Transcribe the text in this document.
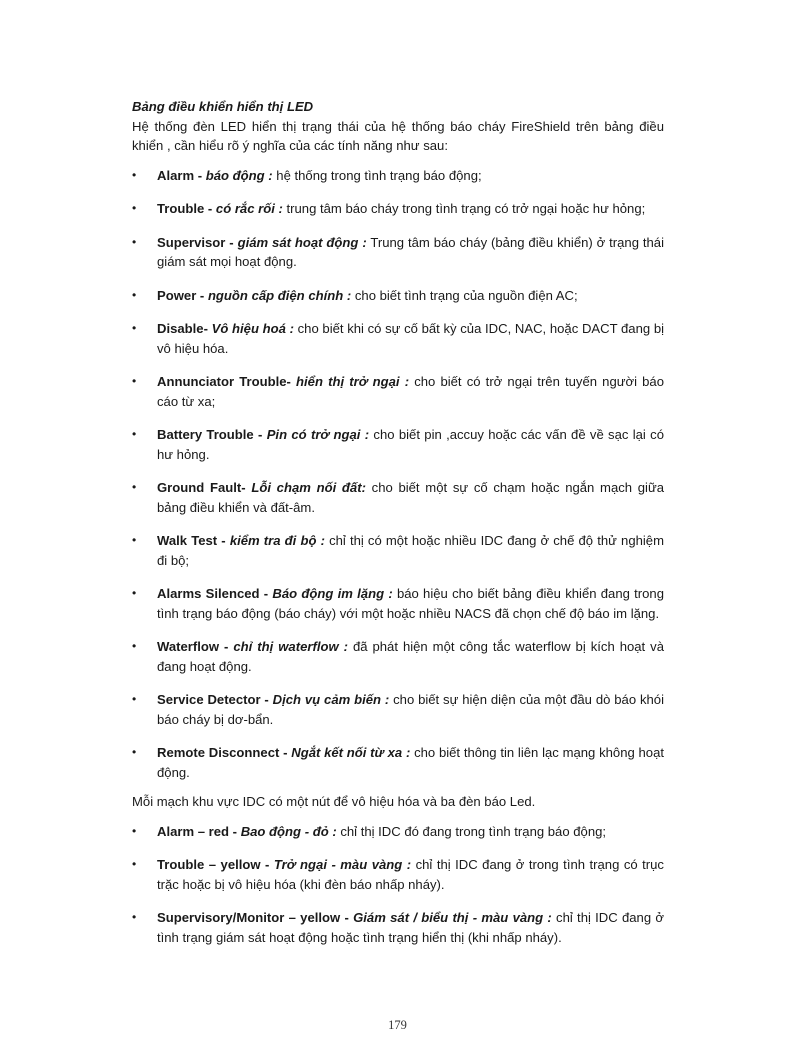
Bảng điều khiển hiển thị LED

Hệ thống đèn LED hiển thị trạng thái của hệ thống báo cháy FireShield trên bảng điều khiển , cần hiểu rõ ý nghĩa của các tính năng như sau:

• Alarm - báo động : hệ thống trong tình trạng báo động;
• Trouble - có rắc rối : trung tâm báo cháy trong tình trạng có trở ngại hoặc hư hỏng;
• Supervisor - giám sát hoạt động : Trung tâm báo cháy (bảng điều khiển) ở trạng thái giám sát mọi hoạt động.
• Power - nguồn cấp điện chính : cho biết tình trạng của nguồn điện AC;
• Disable- Vô hiệu hoá : cho biết khi có sự cố bất kỳ của IDC, NAC, hoặc DACT đang bị vô hiệu hóa.
• Annunciator Trouble- hiển thị trở ngại : cho biết có trở ngại trên tuyến người báo cáo từ xa;
• Battery Trouble - Pin có trở ngại : cho biết pin ,accuy hoặc các vấn đề về sạc lại có hư hỏng.
• Ground Fault- Lỗi chạm nối đất: cho biết một sự cố chạm hoặc ngắn mạch giữa bảng điều khiển và đất-âm.
• Walk Test - kiểm tra đi bộ : chỉ thị có một hoặc nhiều IDC đang ở chế độ thử nghiệm đi bộ;
• Alarms Silenced - Báo động im lặng : báo hiệu cho biết bảng điều khiển đang trong tình trạng báo động (báo cháy) với một hoặc nhiều NACS đã chọn chế độ báo im lặng.
• Waterflow - chỉ thị waterflow : đã phát hiện một công tắc waterflow bị kích hoạt và đang hoạt động.
• Service Detector - Dịch vụ cảm biến : cho biết sự hiện diện của một đầu dò báo khói báo cháy bị dơ-bẩn.
• Remote Disconnect - Ngắt kết nối từ xa : cho biết thông tin liên lạc mạng không hoạt động.

Mỗi mạch khu vực IDC có một nút để vô hiệu hóa và ba đèn báo Led.

• Alarm – red - Bao động - đỏ : chỉ thị IDC đó đang trong tình trạng báo động;
• Trouble – yellow - Trở ngại - màu vàng : chỉ thị IDC đang ở trong tình trạng có trục trặc hoặc bị vô hiệu hóa (khi đèn báo nhấp nháy).
• Supervisory/Monitor – yellow - Giám sát / biểu thị - màu vàng : chỉ thị IDC đang ở tình trạng giám sát hoạt động hoặc tình trạng hiển thị (khi nhấp nháy).
179
